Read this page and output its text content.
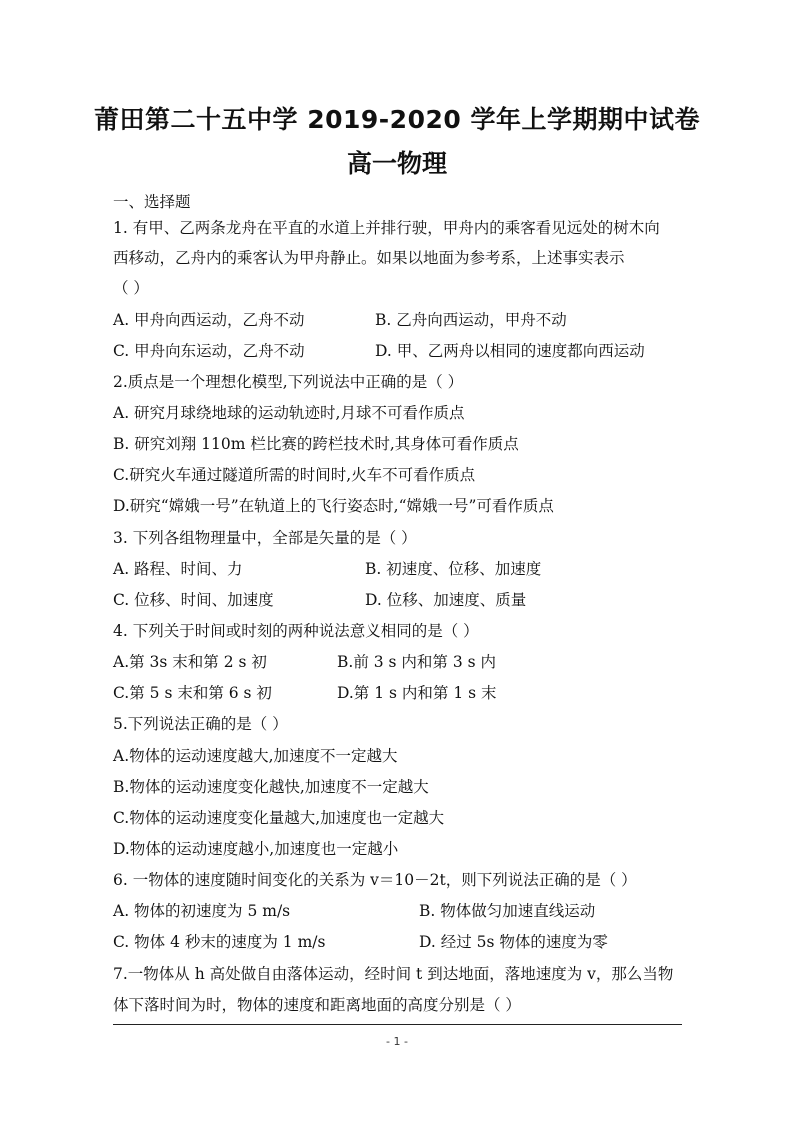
莆田第二十五中学 2019-2020 学年上学期期中试卷
高一物理
一、选择题
1. 有甲、乙两条龙舟在平直的水道上并排行驶，甲舟内的乘客看见远处的树木向
西移动，乙舟内的乘客认为甲舟静止。如果以地面为参考系，上述事实表示
（ ）
A. 甲舟向西运动，乙舟不动	B. 乙舟向西运动，甲舟不动
C. 甲舟向东运动，乙舟不动	D. 甲、乙两舟以相同的速度都向西运动
2.质点是一个理想化模型,下列说法中正确的是（ ）
A. 研究月球绕地球的运动轨迹时,月球不可看作质点
B. 研究刘翔 110m 栏比赛的跨栏技术时,其身体可看作质点
C.研究火车通过隧道所需的时间时,火车不可看作质点
D.研究“嫦娥一号”在轨道上的飞行姿态时,“嫦娥一号”可看作质点
3. 下列各组物理量中，全部是矢量的是（ ）
A. 路程、时间、力	B. 初速度、位移、加速度
C. 位移、时间、加速度	D. 位移、加速度、质量
4. 下列关于时间或时刻的两种说法意义相同的是（ ）
A.第 3s 末和第 2 s 初	B.前 3 s 内和第 3 s 内
C.第 5 s 末和第 6 s 初	D.第 1 s 内和第 1 s 末
5.下列说法正确的是（ ）
A.物体的运动速度越大,加速度不一定越大
B.物体的运动速度变化越快,加速度不一定越大
C.物体的运动速度变化量越大,加速度也一定越大
D.物体的运动速度越小,加速度也一定越小
6. 一物体的速度随时间变化的关系为 v＝10－2t，则下列说法正确的是（ ）
A. 物体的初速度为 5 m/s	B. 物体做匀加速直线运动
C. 物体 4 秒末的速度为 1 m/s	D. 经过 5s 物体的速度为零
7.一物体从 h 高处做自由落体运动，经时间 t 到达地面，落地速度为 v，那么当物
体下落时间为时，物体的速度和距离地面的高度分别是（ ）
- 1 -
